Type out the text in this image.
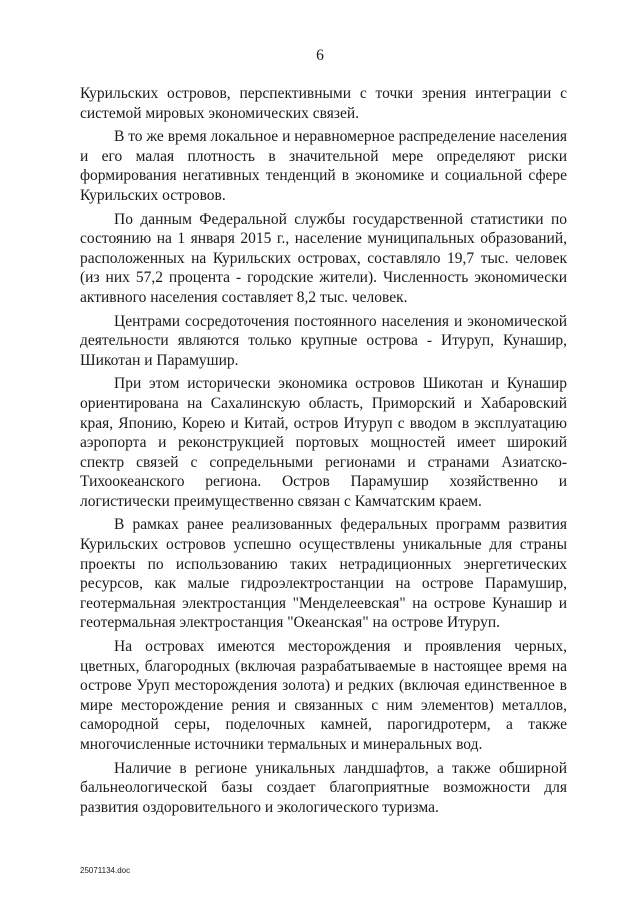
6

Курильских островов, перспективными с точки зрения интеграции с системой мировых экономических связей.

В то же время локальное и неравномерное распределение населения и его малая плотность в значительной мере определяют риски формирования негативных тенденций в экономике и социальной сфере Курильских островов.

По данным Федеральной службы государственной статистики по состоянию на 1 января 2015 г., население муниципальных образований, расположенных на Курильских островах, составляло 19,7 тыс. человек (из них 57,2 процента - городские жители). Численность экономически активного населения составляет 8,2 тыс. человек.

Центрами сосредоточения постоянного населения и экономической деятельности являются только крупные острова - Итуруп, Кунашир, Шикотан и Парамушир.

При этом исторически экономика островов Шикотан и Кунашир ориентирована на Сахалинскую область, Приморский и Хабаровский края, Японию, Корею и Китай, остров Итуруп с вводом в эксплуатацию аэропорта и реконструкцией портовых мощностей имеет широкий спектр связей с сопредельными регионами и странами Азиатско-Тихоокеанского региона. Остров Парамушир хозяйственно и логистически преимущественно связан с Камчатским краем.

В рамках ранее реализованных федеральных программ развития Курильских островов успешно осуществлены уникальные для страны проекты по использованию таких нетрадиционных энергетических ресурсов, как малые гидроэлектростанции на острове Парамушир, геотермальная электростанция "Менделеевская" на острове Кунашир и геотермальная электростанция "Океанская" на острове Итуруп.

На островах имеются месторождения и проявления черных, цветных, благородных (включая разрабатываемые в настоящее время на острове Уруп месторождения золота) и редких (включая единственное в мире месторождение рения и связанных с ним элементов) металлов, самородной серы, поделочных камней, парогидротерм, а также многочисленные источники термальных и минеральных вод.

Наличие в регионе уникальных ландшафтов, а также обширной бальнеологической базы создает благоприятные возможности для развития оздоровительного и экологического туризма.

25071134.doc
